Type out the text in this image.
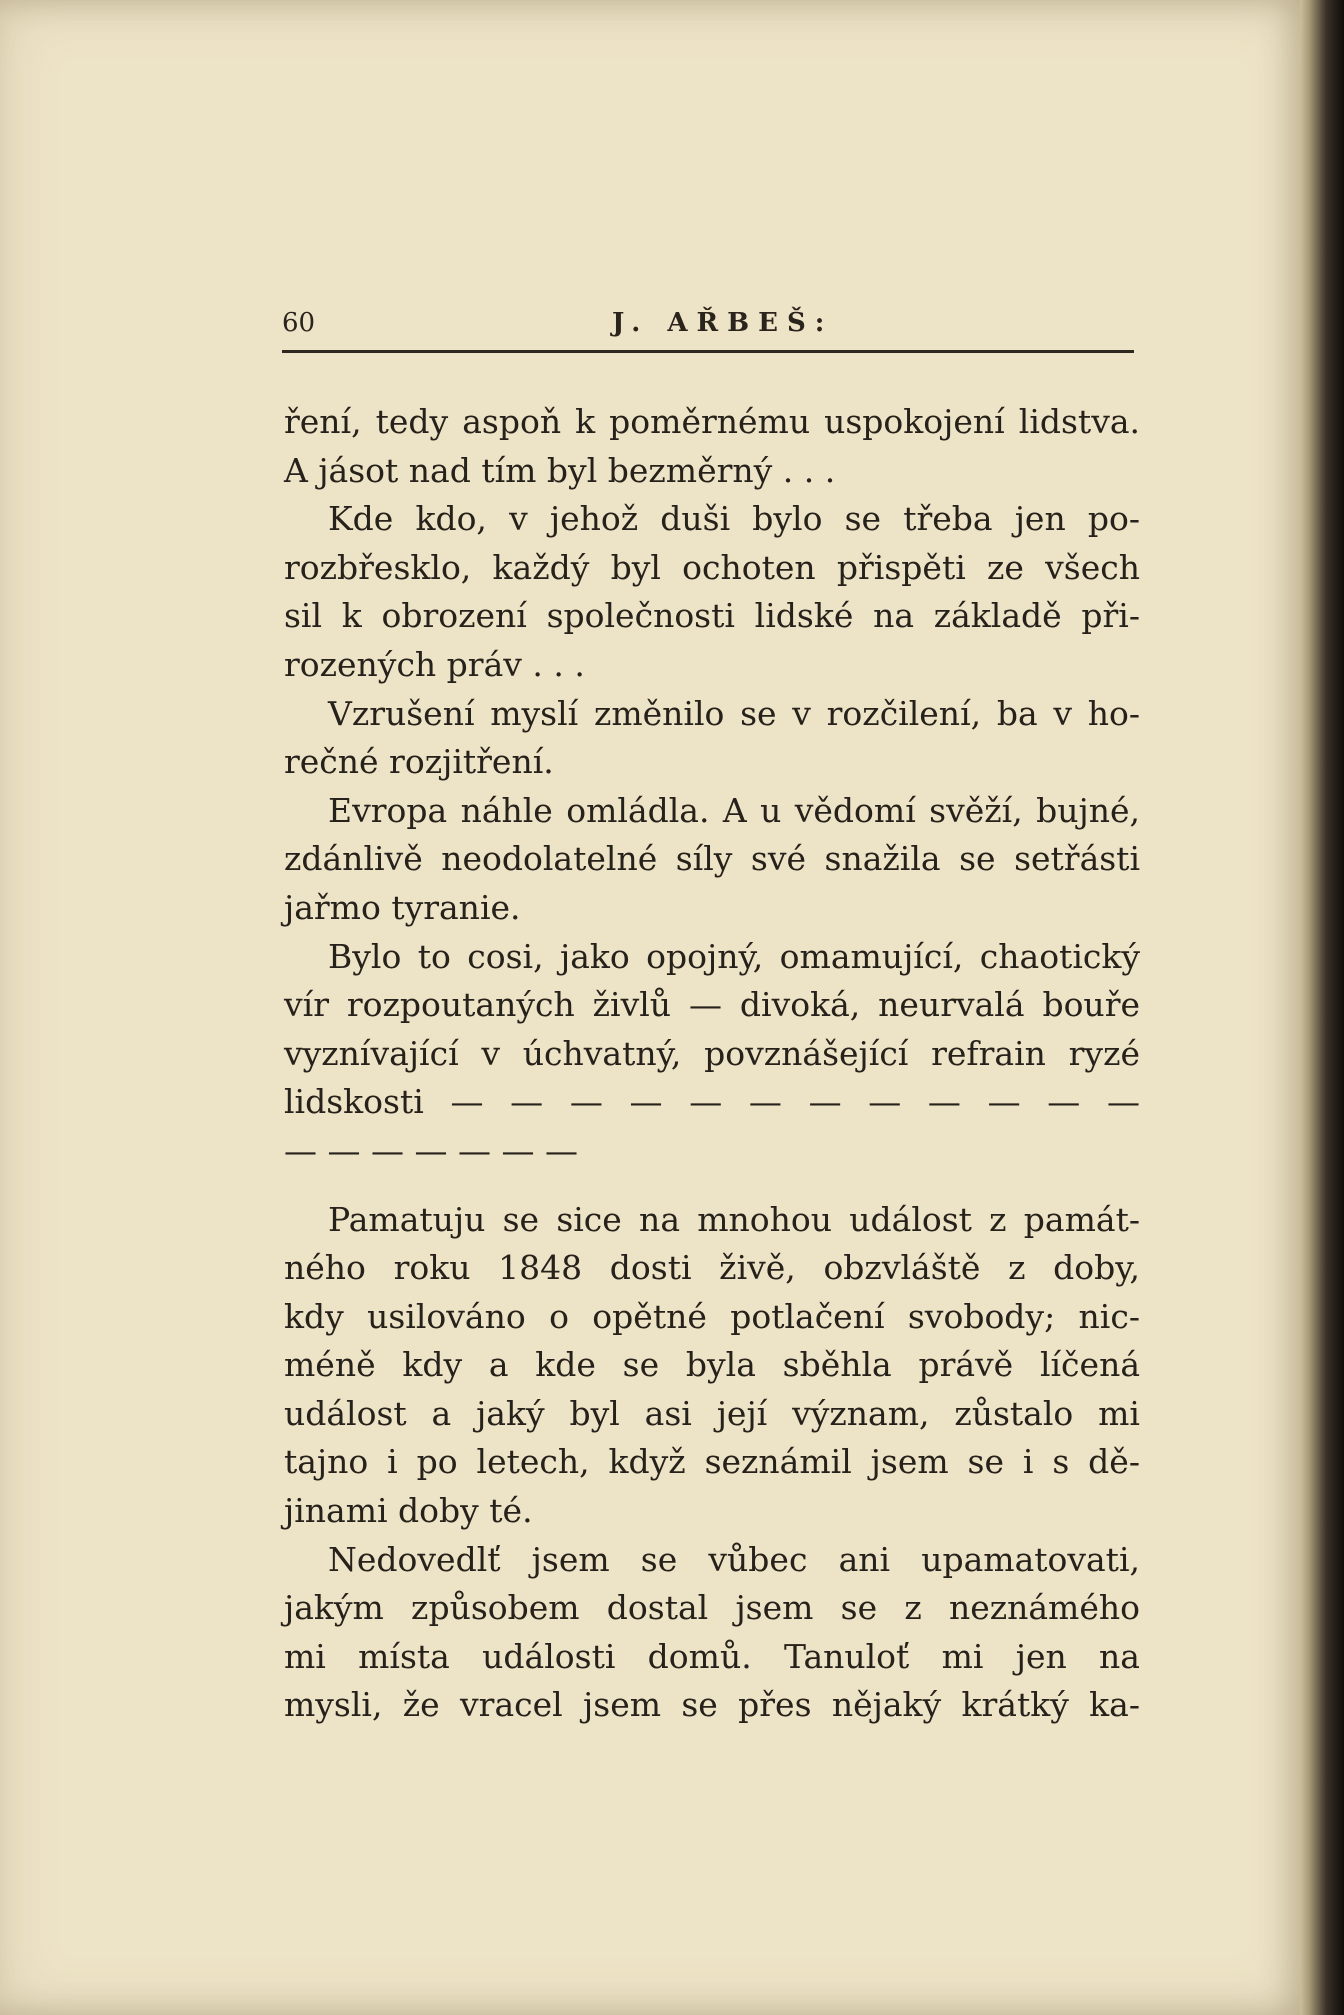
60	J. AŘBEŠ:
ření, tedy aspoň k poměrnému uspokojení lidstva.
A jásot nad tím byl bezměrný . . .
Kde kdo, v jehož duši bylo se třeba jen po-
rozbřesklo, každý byl ochoten přispěti ze všech
sil k obrození společnosti lidské na základě při-
rozených práv . . .
Vzrušení myslí změnilo se v rozčilení, ba v ho-
rečné rozjitření.
Evropa náhle omládla. A u vědomí svěží, bujné,
zdánlivě neodolatelné síly své snažila se setřásti
jařmo tyranie.
Bylo to cosi, jako opojný, omamující, chaotický
vír rozpoutaných živlů — divoká, neurvalá bouře
vyznívající v úchvatný, povznášející refrain ryzé
lidskosti — — — — — — — — — — — —
— — — — — — —
Pamatuju se sice na mnohou událost z památ-
ného roku 1848 dosti živě, obzvláště z doby,
kdy usilováno o opětné potlačení svobody; nic-
méně kdy a kde se byla sběhla právě líčená
událost a jaký byl asi její význam, zůstalo mi
tajno i po letech, když seznámil jsem se i s dě-
jinami doby té.
Nedovedlť jsem se vůbec ani upamatovati,
jakým způsobem dostal jsem se z neznámého
mi místa události domů. Tanuloť mi jen na
mysli, že vracel jsem se přes nějaký krátký ka-
